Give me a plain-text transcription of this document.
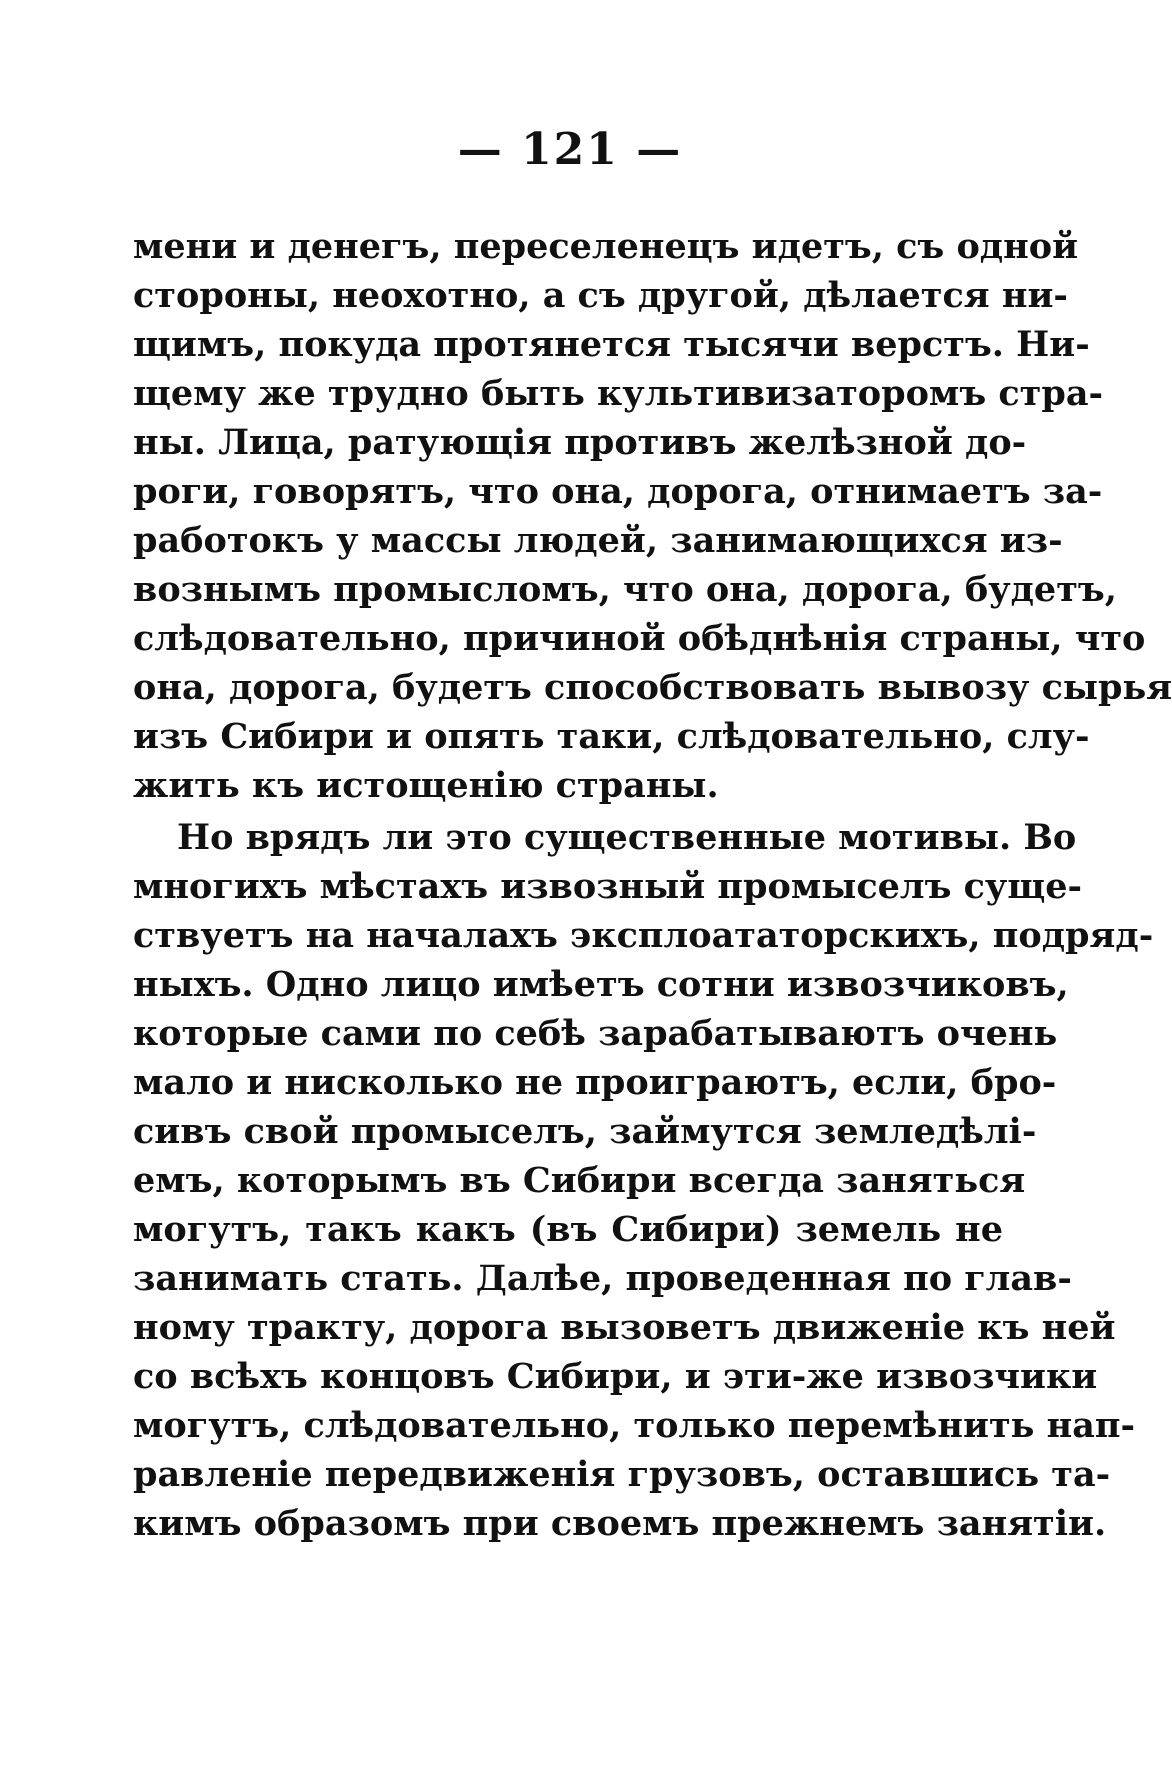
— 121 —
мени и денегъ, переселенецъ идетъ, съ одной
стороны, неохотно, а съ другой, дѣлается ни-
щимъ, покуда протянется тысячи верстъ. Ни-
щему же трудно быть культивизаторомъ стра-
ны. Лица, ратующія противъ желѣзной до-
роги, говорятъ, что она, дорога, отнимаетъ за-
работокъ у массы людей, занимающихся из-
вознымъ промысломъ, что она, дорога, будетъ,
слѣдовательно, причиной обѣднѣнія страны, что
она, дорога, будетъ способствовать вывозу сырья
изъ Сибири и опять таки, слѣдовательно, слу-
жить къ истощенію страны.
Но врядъ ли это существенные мотивы. Во
многихъ мѣстахъ извозный промыселъ суще-
ствуетъ на началахъ эксплоататорскихъ, подряд-
ныхъ. Одно лицо имѣетъ сотни извозчиковъ,
которые сами по себѣ зарабатываютъ очень
мало и нисколько не проиграютъ, если, бро-
сивъ свой промыселъ, займутся земледѣлі-
емъ, которымъ въ Сибири всегда заняться
могутъ, такъ какъ (въ Сибири) земель не
занимать стать. Далѣе, проведенная по глав-
ному тракту, дорога вызоветъ движеніе къ ней
со всѣхъ концовъ Сибири, и эти-же извозчики
могутъ, слѣдовательно, только перемѣнить нап-
равленіе передвиженія грузовъ, оставшись та-
кимъ образомъ при своемъ прежнемъ занятіи.
